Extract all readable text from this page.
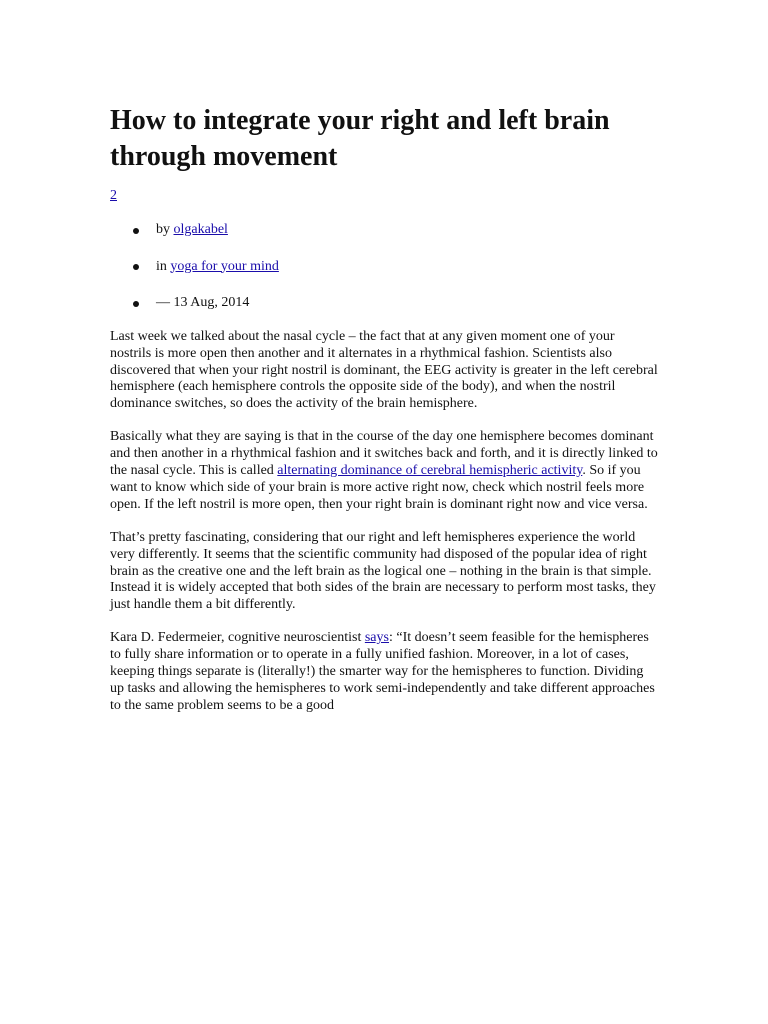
How to integrate your right and left brain through movement
2
by olgakabel
in yoga for your mind
— 13 Aug, 2014

Last week we talked about the nasal cycle – the fact that at any given moment one of your nostrils is more open then another and it alternates in a rhythmical fashion. Scientists also discovered that when your right nostril is dominant, the EEG activity is greater in the left cerebral hemisphere (each hemisphere controls the opposite side of the body), and when the nostril dominance switches, so does the activity of the brain hemisphere.

Basically what they are saying is that in the course of the day one hemisphere becomes dominant and then another in a rhythmical fashion and it switches back and forth, and it is directly linked to the nasal cycle. This is called alternating dominance of cerebral hemispheric activity. So if you want to know which side of your brain is more active right now, check which nostril feels more open. If the left nostril is more open, then your right brain is dominant right now and vice versa.

That’s pretty fascinating, considering that our right and left hemispheres experience the world very differently. It seems that the scientific community had disposed of the popular idea of right brain as the creative one and the left brain as the logical one – nothing in the brain is that simple. Instead it is widely accepted that both sides of the brain are necessary to perform most tasks, they just handle them a bit differently.

Kara D. Federmeier, cognitive neuroscientist says: “It doesn’t seem feasible for the hemispheres to fully share information or to operate in a fully unified fashion. Moreover, in a lot of cases, keeping things separate is (literally!) the smarter way for the hemispheres to function. Dividing up tasks and allowing the hemispheres to work semi-independently and take different approaches to the same problem seems to be a good
